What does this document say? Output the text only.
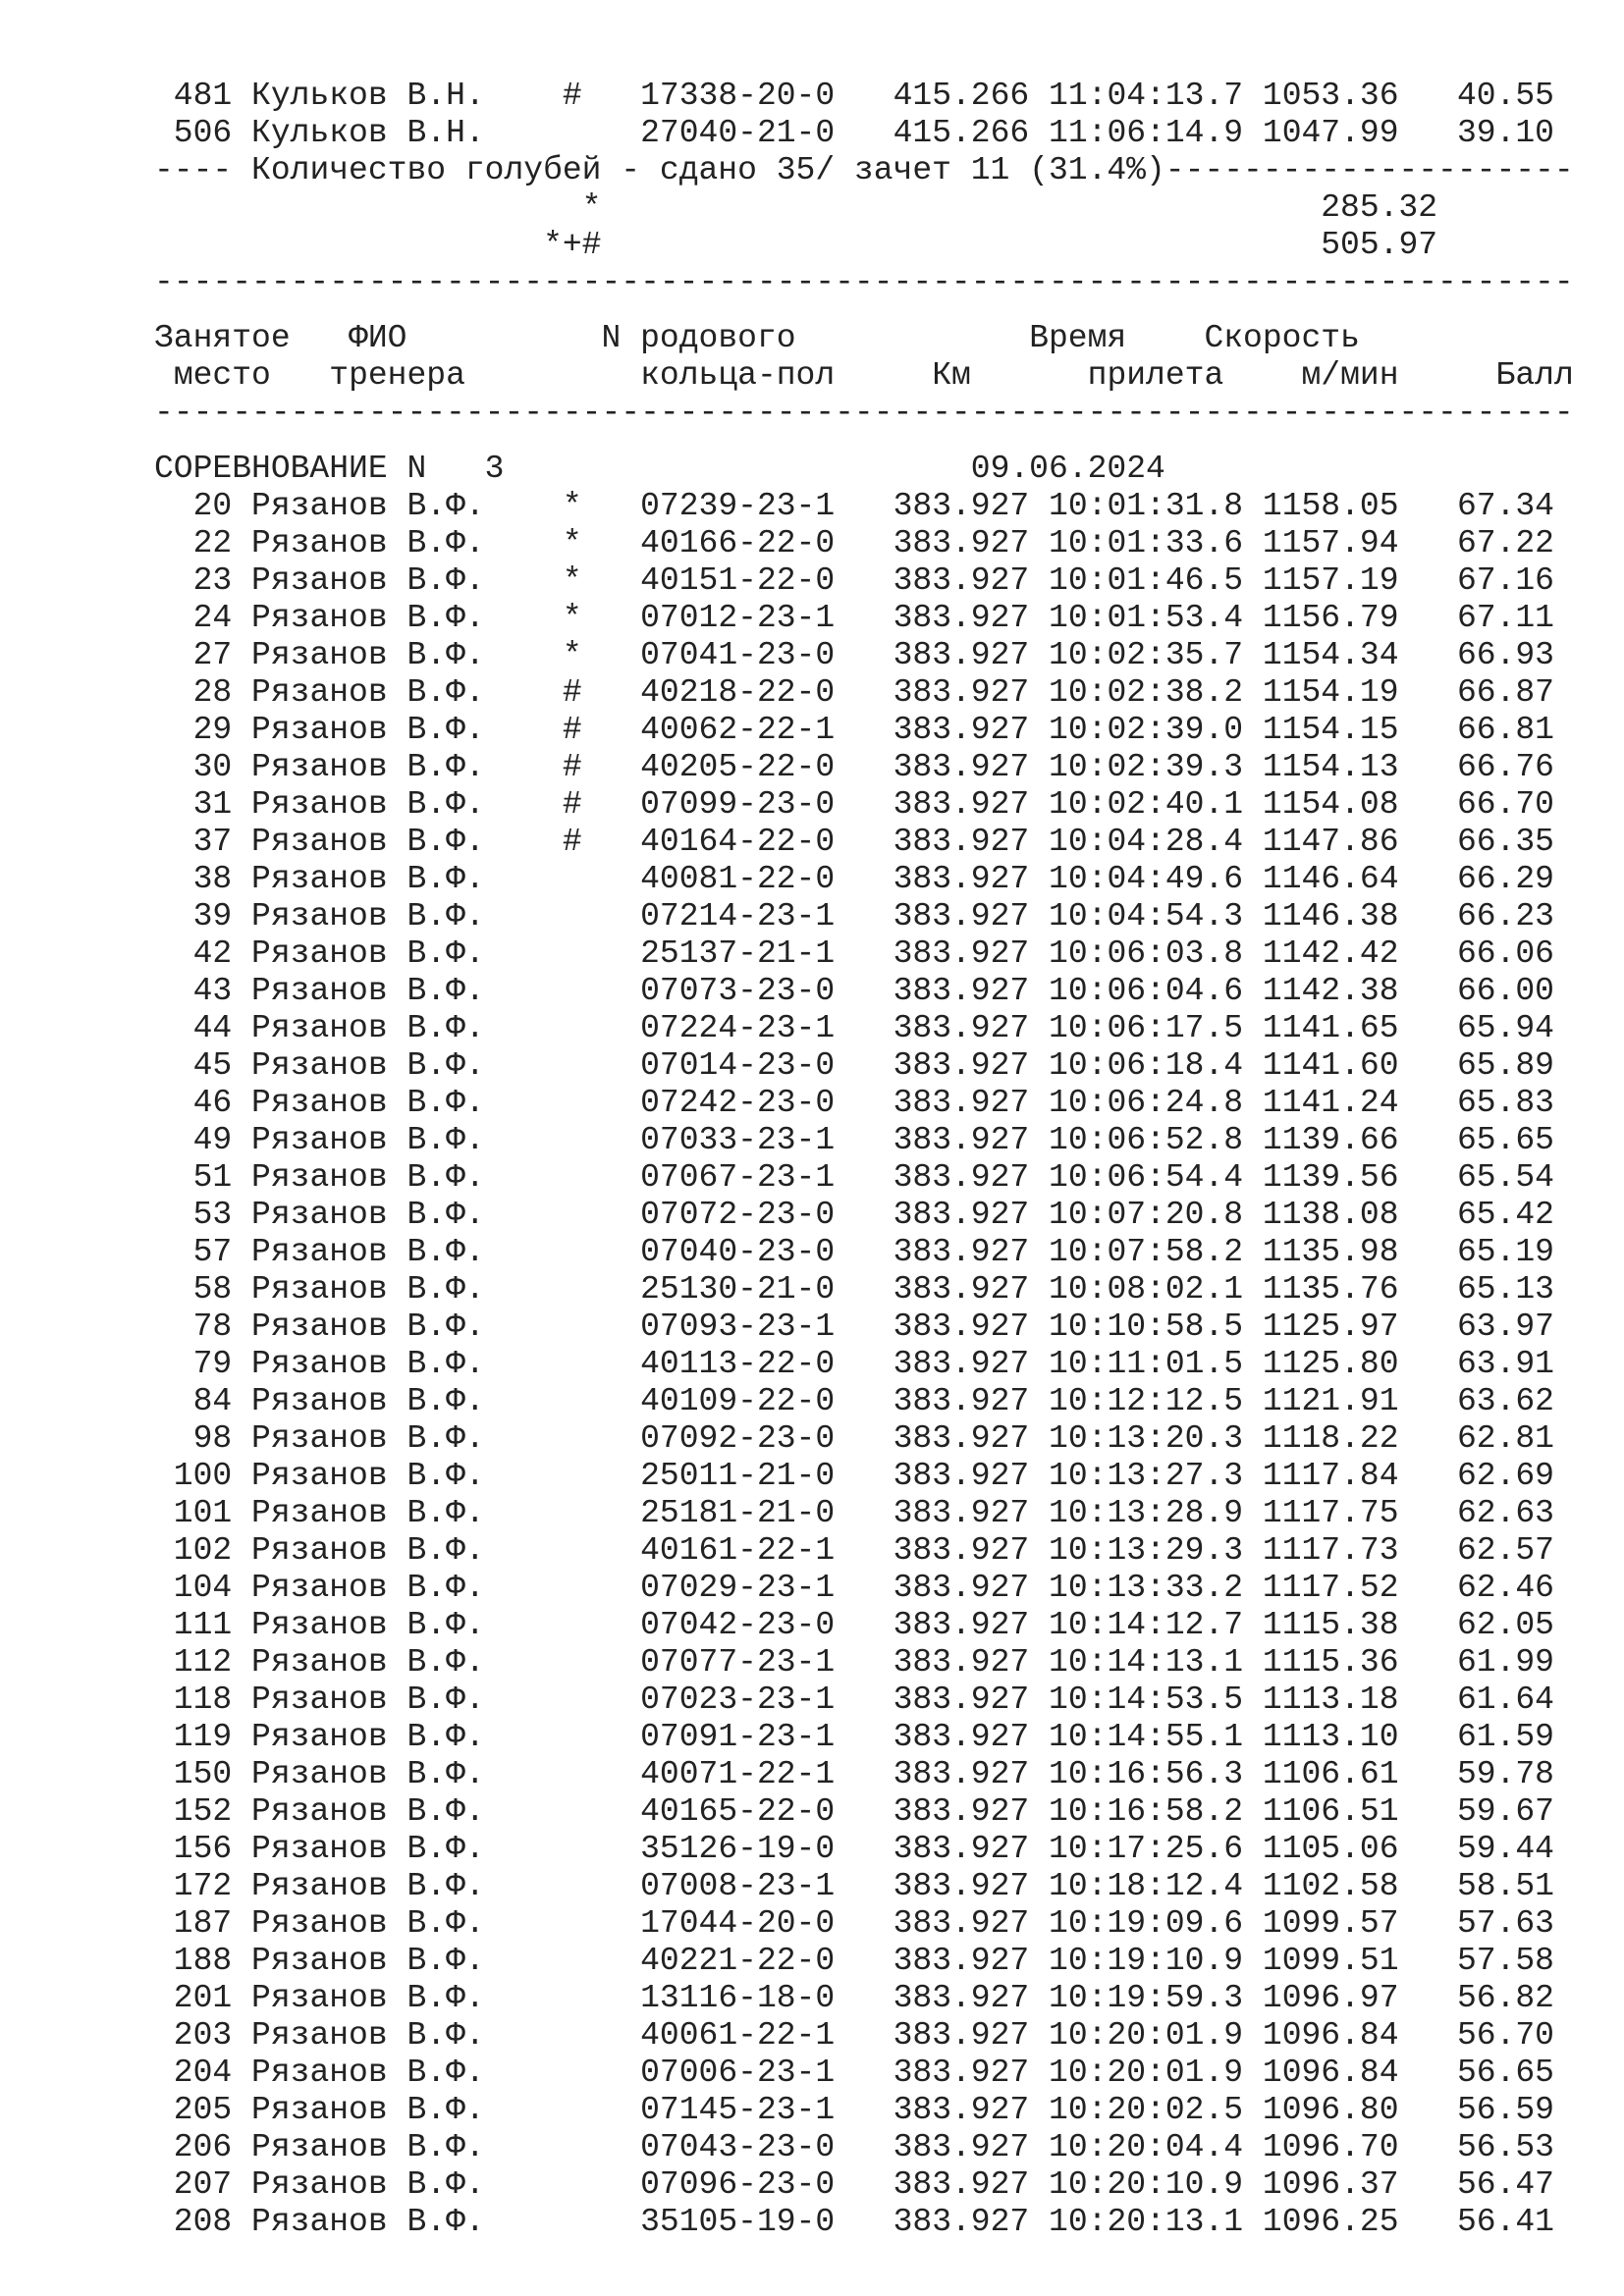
481 Кульков В.Н. # 17338-20-0 415.266 11:04:13.7 1053.36 40.55
506 Кульков В.Н.	27040-21-0 415.266 11:06:14.9 1047.99 39.10
---- Количество голубей - сдано 35/ зачет 11 (31.4%)---------------------
*	285.32
*+#	505.97
-------------------------------------------------------------------------
Занятое ФИО	N родового	Время Скорость
место тренера	кольца-пол	Км	прилета м/мин	Балл
-------------------------------------------------------------------------
СОРЕВНОВАНИЕ N 3	09.06.2024
20 Рязанов В.Ф. * 07239-23-1 383.927 10:01:31.8 1158.05 67.34
22 Рязанов В.Ф. * 40166-22-0 383.927 10:01:33.6 1157.94 67.22
23 Рязанов В.Ф. * 40151-22-0 383.927 10:01:46.5 1157.19 67.16
24 Рязанов В.Ф. * 07012-23-1 383.927 10:01:53.4 1156.79 67.11
27 Рязанов В.Ф. * 07041-23-0 383.927 10:02:35.7 1154.34 66.93
28 Рязанов В.Ф. # 40218-22-0 383.927 10:02:38.2 1154.19 66.87
29 Рязанов В.Ф. # 40062-22-1 383.927 10:02:39.0 1154.15 66.81
30 Рязанов В.Ф. # 40205-22-0 383.927 10:02:39.3 1154.13 66.76
31 Рязанов В.Ф. # 07099-23-0 383.927 10:02:40.1 1154.08 66.70
37 Рязанов В.Ф. # 40164-22-0 383.927 10:04:28.4 1147.86 66.35
38 Рязанов В.Ф.	40081-22-0 383.927 10:04:49.6 1146.64 66.29
39 Рязанов В.Ф.	07214-23-1 383.927 10:04:54.3 1146.38 66.23
42 Рязанов В.Ф.	25137-21-1 383.927 10:06:03.8 1142.42 66.06
43 Рязанов В.Ф.	07073-23-0 383.927 10:06:04.6 1142.38 66.00
44 Рязанов В.Ф.	07224-23-1 383.927 10:06:17.5 1141.65 65.94
45 Рязанов В.Ф.	07014-23-0 383.927 10:06:18.4 1141.60 65.89
46 Рязанов В.Ф.	07242-23-0 383.927 10:06:24.8 1141.24 65.83
49 Рязанов В.Ф.	07033-23-1 383.927 10:06:52.8 1139.66 65.65
51 Рязанов В.Ф.	07067-23-1 383.927 10:06:54.4 1139.56 65.54
53 Рязанов В.Ф.	07072-23-0 383.927 10:07:20.8 1138.08 65.42
57 Рязанов В.Ф.	07040-23-0 383.927 10:07:58.2 1135.98 65.19
58 Рязанов В.Ф.	25130-21-0 383.927 10:08:02.1 1135.76 65.13
78 Рязанов В.Ф.	07093-23-1 383.927 10:10:58.5 1125.97 63.97
79 Рязанов В.Ф.	40113-22-0 383.927 10:11:01.5 1125.80 63.91
84 Рязанов В.Ф.	40109-22-0 383.927 10:12:12.5 1121.91 63.62
98 Рязанов В.Ф.	07092-23-0 383.927 10:13:20.3 1118.22 62.81
100 Рязанов В.Ф.	25011-21-0 383.927 10:13:27.3 1117.84 62.69
101 Рязанов В.Ф.	25181-21-0 383.927 10:13:28.9 1117.75 62.63
102 Рязанов В.Ф.	40161-22-1 383.927 10:13:29.3 1117.73 62.57
104 Рязанов В.Ф.	07029-23-1 383.927 10:13:33.2 1117.52 62.46
111 Рязанов В.Ф.	07042-23-0 383.927 10:14:12.7 1115.38 62.05
112 Рязанов В.Ф.	07077-23-1 383.927 10:14:13.1 1115.36 61.99
118 Рязанов В.Ф.	07023-23-1 383.927 10:14:53.5 1113.18 61.64
119 Рязанов В.Ф.	07091-23-1 383.927 10:14:55.1 1113.10 61.59
150 Рязанов В.Ф.	40071-22-1 383.927 10:16:56.3 1106.61 59.78
152 Рязанов В.Ф.	40165-22-0 383.927 10:16:58.2 1106.51 59.67
156 Рязанов В.Ф.	35126-19-0 383.927 10:17:25.6 1105.06 59.44
172 Рязанов В.Ф.	07008-23-1 383.927 10:18:12.4 1102.58 58.51
187 Рязанов В.Ф.	17044-20-0 383.927 10:19:09.6 1099.57 57.63
188 Рязанов В.Ф.	40221-22-0 383.927 10:19:10.9 1099.51 57.58
201 Рязанов В.Ф.	13116-18-0 383.927 10:19:59.3 1096.97 56.82
203 Рязанов В.Ф.	40061-22-1 383.927 10:20:01.9 1096.84 56.70
204 Рязанов В.Ф.	07006-23-1 383.927 10:20:01.9 1096.84 56.65
205 Рязанов В.Ф.	07145-23-1 383.927 10:20:02.5 1096.80 56.59
206 Рязанов В.Ф.	07043-23-0 383.927 10:20:04.4 1096.70 56.53
207 Рязанов В.Ф.	07096-23-0 383.927 10:20:10.9 1096.37 56.47
208 Рязанов В.Ф.	35105-19-0 383.927 10:20:13.1 1096.25 56.41
